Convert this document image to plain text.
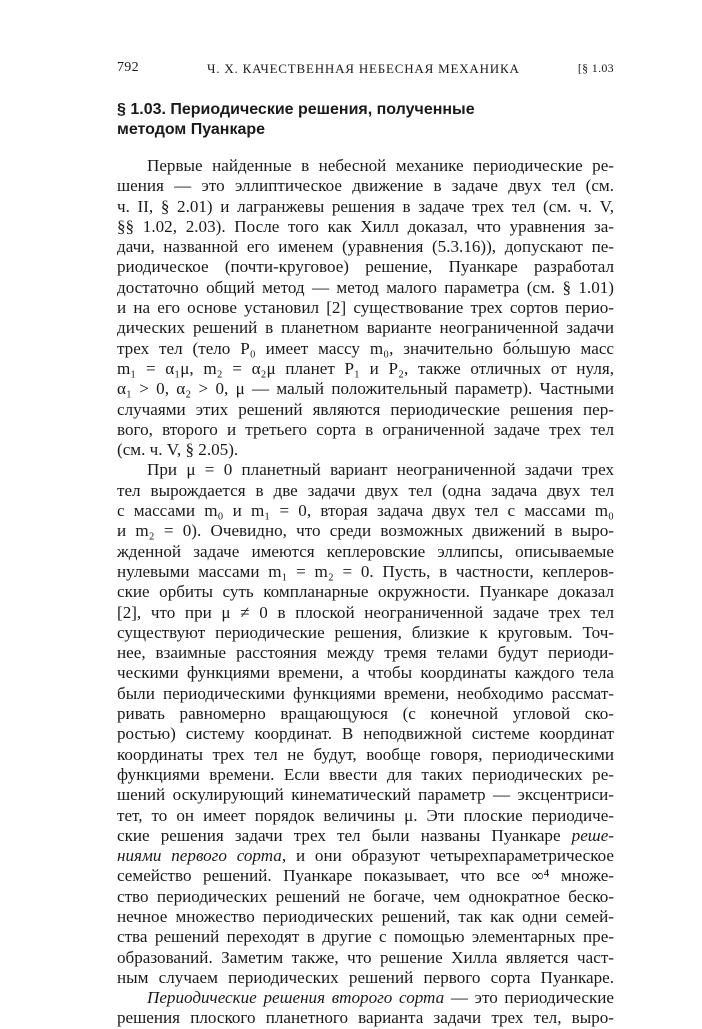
792	Ч. X. КАЧЕСТВЕННАЯ НЕБЕСНАЯ МЕХАНИКА	[§ 1.03
§ 1.03. Периодические решения, полученные
методом Пуанкаре
Первые найденные в небесной механике периодические ре-
шения — это эллиптическое движение в задаче двух тел (см.
ч. II, § 2.01) и лагранжевы решения в задаче трех тел (см. ч. V,
§§ 1.02, 2.03). После того как Хилл доказал, что уравнения за-
дачи, названной его именем (уравнения (5.3.16)), допускают пе-
риодическое (почти-круговое) решение, Пуанкаре разработал
достаточно общий метод — метод малого параметра (см. § 1.01)
и на его основе установил [2] существование трех сортов перио-
дических решений в планетном варианте неограниченной задачи
трех тел (тело P₀ имеет массу m₀, значительно бо́льшую масс
m₁ = α₁μ, m₂ = α₂μ планет P₁ и P₂, также отличных от нуля,
α₁ > 0, α₂ > 0, μ — малый положительный параметр). Частными
случаями этих решений являются периодические решения пер-
вого, второго и третьего сорта в ограниченной задаче трех тел
(см. ч. V, § 2.05).
При μ = 0 планетный вариант неограниченной задачи трех
тел вырождается в две задачи двух тел (одна задача двух тел
с массами m₀ и m₁ = 0, вторая задача двух тел с массами m₀
и m₂ = 0). Очевидно, что среди возможных движений в выро-
жденной задаче имеются кеплеровские эллипсы, описываемые
нулевыми массами m₁ = m₂ = 0. Пусть, в частности, кеплеров-
ские орбиты суть компланарные окружности. Пуанкаре доказал
[2], что при μ ≠ 0 в плоской неограниченной задаче трех тел
существуют периодические решения, близкие к круговым. Точ-
нее, взаимные расстояния между тремя телами будут периоди-
ческими функциями времени, а чтобы координаты каждого тела
были периодическими функциями времени, необходимо рассмат-
ривать равномерно вращающуюся (с конечной угловой ско-
ростью) систему координат. В неподвижной системе координат
координаты трех тел не будут, вообще говоря, периодическими
функциями времени. Если ввести для таких периодических ре-
шений оскулирующий кинематический параметр — эксцентриси-
тет, то он имеет порядок величины μ. Эти плоские периодиче-
ские решения задачи трех тел были названы Пуанкаре реше-
ниями первого сорта, и они образуют четырехпараметрическое
семейство решений. Пуанкаре показывает, что все ∞⁴ множе-
ство периодических решений не богаче, чем однократное беско-
нечное множество периодических решений, так как одни семей-
ства решений переходят в другие с помощью элементарных пре-
образований. Заметим также, что решение Хилла является част-
ным случаем периодических решений первого сорта Пуанкаре.
Периодические решения второго сорта — это периодические
решения плоского планетного варианта задачи трех тел, выро-
